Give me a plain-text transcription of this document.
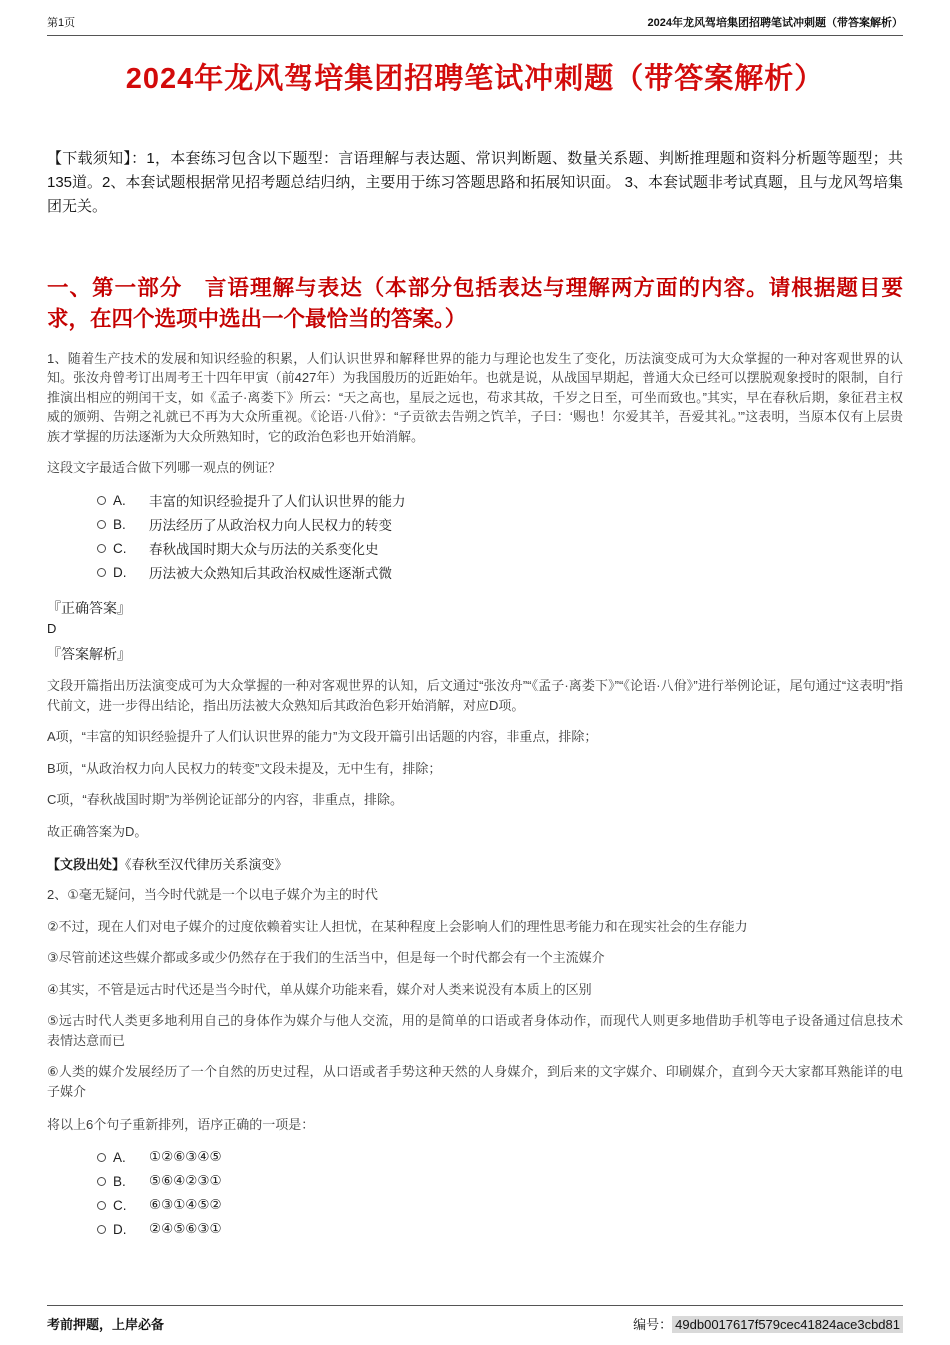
第1页	2024年龙风驾培集团招聘笔试冲刺题（带答案解析）
2024年龙风驾培集团招聘笔试冲刺题（带答案解析）

【下载须知】：1，本套练习包含以下题型：言语理解与表达题、常识判断题、数量关系题、判断推理题和资料分析题等题型；共135道。2、本套试题根据常见招考题总结归纳，主要用于练习答题思路和拓展知识面。 3、本套试题非考试真题，且与龙风驾培集团无关。

一、第一部分　言语理解与表达（本部分包括表达与理解两方面的内容。请根据题目要求，在四个选项中选出一个最恰当的答案。）

1、随着生产技术的发展和知识经验的积累，人们认识世界和解释世界的能力与理论也发生了变化，历法演变成可为大众掌握的一种对客观世界的认知。张汝舟曾考订出周考王十四年甲寅（前427年）为我国殷历的近距始年。也就是说，从战国早期起，普通大众已经可以摆脱观象授时的限制，自行推演出相应的朔闰干支，如《孟子·离娄下》所云：“天之高也，星辰之远也，苟求其故，千岁之日至，可坐而致也。”其实，早在春秋后期，象征君主权威的颁朔、告朔之礼就已不再为大众所重视。《论语·八佾》：“子贡欲去告朔之饩羊，子曰：‘赐也！尔爱其羊，吾爱其礼。’”这表明，当原本仅有上层贵族才掌握的历法逐渐为大众所熟知时，它的政治色彩也开始消解。

这段文字最适合做下列哪一观点的例证？

A.	丰富的知识经验提升了人们认识世界的能力
B.	历法经历了从政治权力向人民权力的转变
C.	春秋战国时期大众与历法的关系变化史
D.	历法被大众熟知后其政治权威性逐渐式微

『正确答案』

D

『答案解析』

文段开篇指出历法演变成可为大众掌握的一种对客观世界的认知，后文通过“张汝舟”“《孟子·离娄下》”“《论语·八佾》”进行举例论证，尾句通过“这表明”指代前文，进一步得出结论，指出历法被大众熟知后其政治色彩开始消解，对应D项。

A项，“丰富的知识经验提升了人们认识世界的能力”为文段开篇引出话题的内容，非重点，排除；

B项，“从政治权力向人民权力的转变”文段未提及，无中生有，排除；

C项，“春秋战国时期”为举例论证部分的内容，非重点，排除。

故正确答案为D。

【文段出处】《春秋至汉代律历关系演变》

2、①毫无疑问，当今时代就是一个以电子媒介为主的时代

②不过，现在人们对电子媒介的过度依赖着实让人担忧，在某种程度上会影响人们的理性思考能力和在现实社会的生存能力

③尽管前述这些媒介都或多或少仍然存在于我们的生活当中，但是每一个时代都会有一个主流媒介

④其实，不管是远古时代还是当今时代，单从媒介功能来看，媒介对人类来说没有本质上的区别

⑤远古时代人类更多地利用自己的身体作为媒介与他人交流，用的是简单的口语或者身体动作，而现代人则更多地借助手机等电子设备通过信息技术表情达意而已

⑥人类的媒介发展经历了一个自然的历史过程，从口语或者手势这种天然的人身媒介，到后来的文字媒介、印刷媒介，直到今天大家都耳熟能详的电子媒介

将以上6个句子重新排列，语序正确的一项是：

A.	①②⑥③④⑤
B.	⑤⑥④②③①
C.	⑥③①④⑤②
D.	②④⑤⑥③①
考前押题，上岸必备	编号： 49db0017617f579cec41824ace3cbd81
